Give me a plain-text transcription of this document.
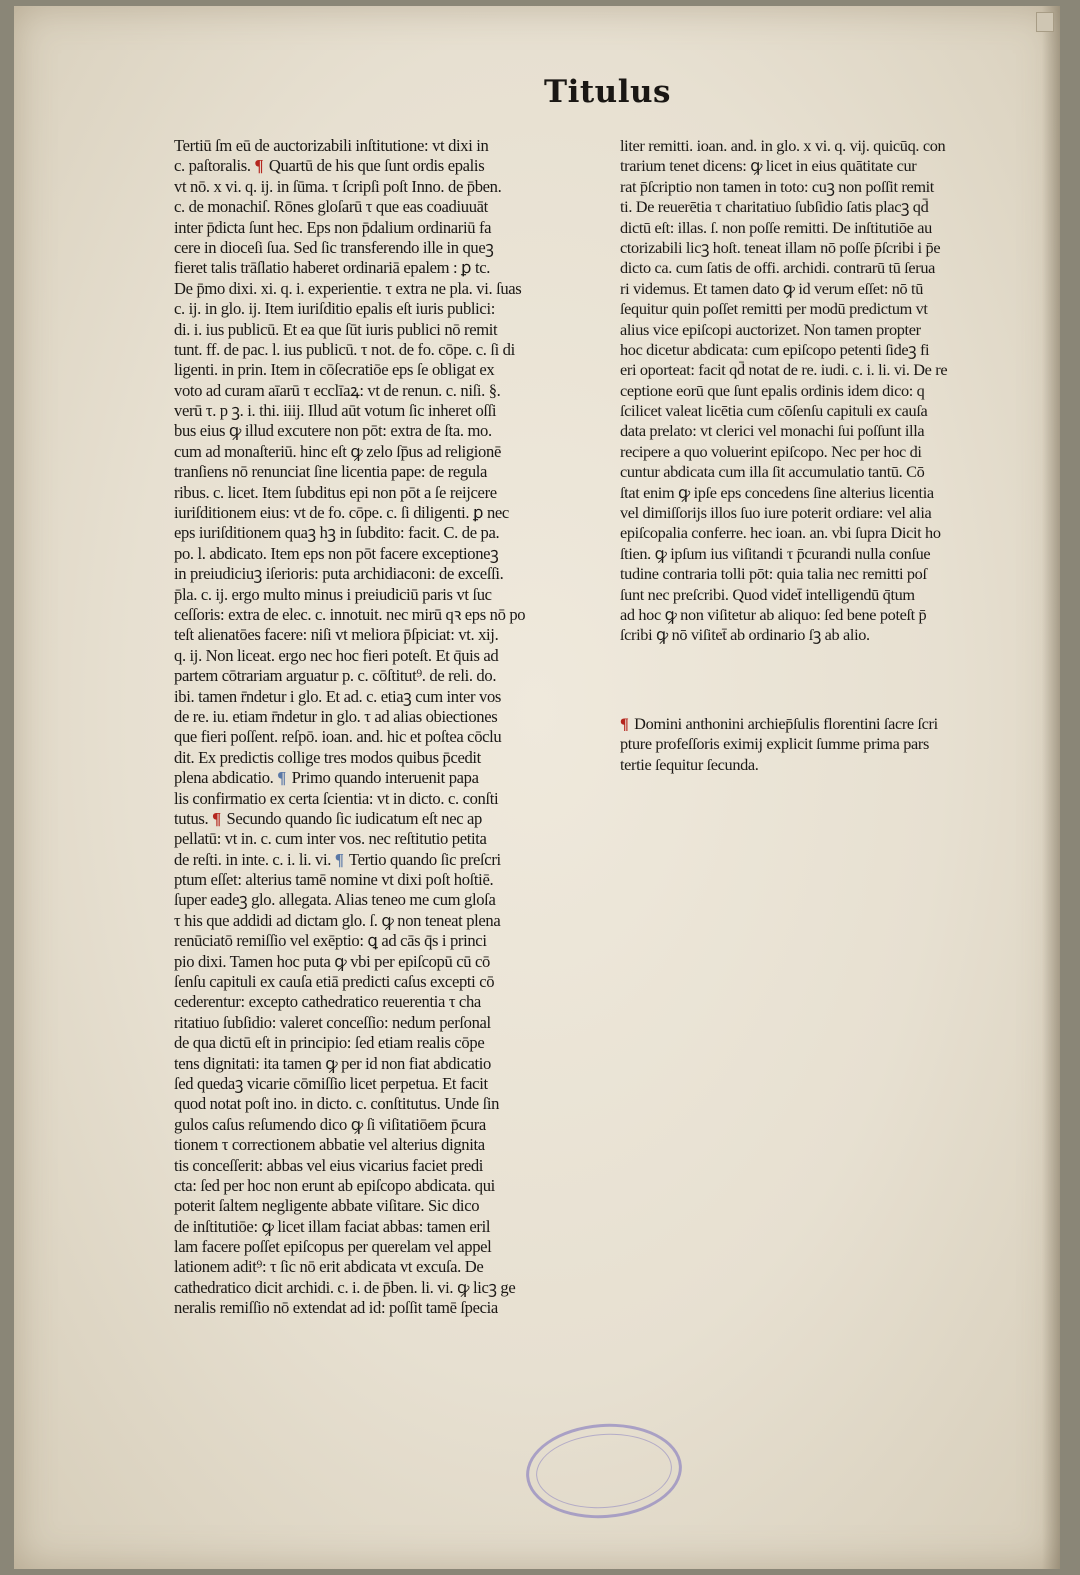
Titulus
Tertiū ſm eū de auctorizabili inſtitutione: vt dixi in
c. paſtoralis. ¶ Quartū de his que ſunt ordis epalis
vt nō. x vi. q. ij. in ſūma. τ ſcripſi poſt Inno. de p̄ben.
c. de monachiſ. Rōnes gloſarū τ que eas coadiuuāt
inter p̄dicta ſunt hec. Eps non p̄dalium ordinariū fa
cere in dioceſi ſua. Sed ſic transferendo ille in queꝫ
fieret talis trāſlatio haberet ordinariā epalem : ꝑ tc.
De p̄mo dixi. xi. q. i. experientie. τ extra ne pla. vi. ſuas
c. ij. in glo. ij. Item iuriſditio epalis eſt iuris publici:
di. i. ius publicū. Et ea que ſūt iuris publici nō remit
tunt. ff. de pac. l. ius publicū. τ not. de fo. cōpe. c. ſi di
ligenti. in prin. Item in cōſecratiōe eps ſe obligat ex
voto ad curam aīarū τ ecclīaꝝ: vt de renun. c. niſi. §.
verū τ. p ꝫ. i. thi. iiij. Illud aūt votum ſic inheret oſſi
bus eius ꝙ illud excutere non pōt: extra de ſta. mo.
cum ad monaſteriū. hinc eſt ꝙ zelo ſp̄us ad religionē
tranſiens nō renunciat ſine licentia pape: de regula
ribus. c. licet. Item ſubditus epi non pōt a ſe reijcere
iuriſditionem eius: vt de fo. cōpe. c. ſi diligenti. ꝑ nec
eps iuriſditionem quaꝫ hꝫ in ſubdito: facit. C. de pa.
po. l. abdicato. Item eps non pōt facere exceptioneꝫ
in preiudiciuꝫ iſerioris: puta archidiaconi: de exceſſi.
p̄la. c. ij. ergo multo minus i preiudiciū paris vt ſuc
ceſſoris: extra de elec. c. innotuit. nec mirū qꝛ eps nō po
teſt alienatōes facere: niſi vt meliora p̄ſpiciat: vt. xij.
q. ij. Non liceat. ergo nec hoc fieri poteſt. Et q̄uis ad
partem cōtrariam arguatur p. c. cōſtitut⁹. de reli. do.
ibi. tamen r̄ndetur i glo. Et ad. c. etiaꝫ cum inter vos
de re. iu. etiam r̄ndetur in glo. τ ad alias obiectiones
que fieri poſſent. reſpō. ioan. and. hic et poſtea cōclu
dit. Ex predictis collige tres modos quibus p̄cedit
plena abdicatio. ¶ Primo quando interuenit papa
lis confirmatio ex certa ſcientia: vt in dicto. c. conſti
tutus. ¶ Secundo quando ſic iudicatum eſt nec ap
pellatū: vt in. c. cum inter vos. nec reſtitutio petita
de reſti. in inte. c. i. li. vi. ¶ Tertio quando ſic preſcri
ptum eſſet: alterius tamē nomine vt dixi poſt hoſtiē.
ſuper eadeꝫ glo. allegata. Alias teneo me cum gloſa
τ his que addidi ad dictam glo. ſ. ꝙ non teneat plena
renūciatō remiſſio vel exēptio: ꝗ ad cās q̄s i princi
pio dixi. Tamen hoc puta ꝙ vbi per epiſcopū cū cō
ſenſu capituli ex cauſa etiā predicti caſus excepti cō
cederentur: excepto cathedratico reuerentia τ cha
ritatiuo ſubſidio: valeret conceſſio: nedum perſonal
de qua dictū eſt in principio: ſed etiam realis cōpe
tens dignitati: ita tamen ꝙ per id non fiat abdicatio
ſed quedaꝫ vicarie cōmiſſio licet perpetua. Et facit
quod notat poſt ino. in dicto. c. conſtitutus. Unde ſin
gulos caſus reſumendo dico ꝙ ſi viſitatiōem p̄cura
tionem τ correctionem abbatie vel alterius dignita
tis conceſſerit: abbas vel eius vicarius faciet predi
cta: ſed per hoc non erunt ab epiſcopo abdicata. qui
poterit ſaltem negligente abbate viſitare. Sic dico
de inſtitutiōe: ꝙ licet illam faciat abbas: tamen eril
lam facere poſſet epiſcopus per querelam vel appel
lationem adit⁹: τ ſic nō erit abdicata vt excuſa. De
cathedratico dicit archidi. c. i. de p̄ben. li. vi. ꝙ licꝫ ge
neralis remiſſio nō extendat ad id: poſſit tamē ſpecia
liter remitti. ioan. and. in glo. x vi. q. vij. quicūq. con
trarium tenet dicens: ꝙ licet in eius quātitate cur
rat p̄ſcriptio non tamen in toto: cuꝫ non poſſit remit
ti. De reuerētia τ charitatiuo ſubſidio ſatis placꝫ qd̄
dictū eſt: illas. ſ. non poſſe remitti. De inſtitutiōe au
ctorizabili licꝫ hoſt. teneat illam nō poſſe p̄ſcribi i p̄e
dicto ca. cum ſatis de offi. archidi. contrarū tū ſerua
ri videmus. Et tamen dato ꝙ id verum eſſet: nō tū
ſequitur quin poſſet remitti per modū predictum vt
alius vice epiſcopi auctorizet. Non tamen propter
hoc dicetur abdicata: cum epiſcopo petenti ſideꝫ fi
eri oporteat: facit qd̄ notat de re. iudi. c. i. li. vi. De re
ceptione eorū que ſunt epalis ordinis idem dico: q
ſcilicet valeat licētia cum cōſenſu capituli ex cauſa
data prelato: vt clerici vel monachi ſui poſſunt illa
recipere a quo voluerint epiſcopo. Nec per hoc di
cuntur abdicata cum illa ſit accumulatio tantū. Cō
ſtat enim ꝙ ipſe eps concedens ſine alterius licentia
vel dimiſſorijs illos ſuo iure poterit ordiare: vel alia
epiſcopalia conferre. hec ioan. an. vbi ſupra Dicit ho
ſtien. ꝙ ipſum ius viſitandi τ p̄curandi nulla conſue
tudine contraria tolli pōt: quia talia nec remitti poſ
ſunt nec preſcribi. Quod videt̄ intelligendū q̄tum
ad hoc ꝙ non viſitetur ab aliquo: ſed bene poteſt p̄
ſcribi ꝙ nō viſitet̄ ab ordinario ſꝫ ab alio.
¶ Domini anthonini archiep̄ſulis florentini ſacre ſcri
pture profeſſoris eximij explicit ſumme prima pars
tertie ſequitur ſecunda.
